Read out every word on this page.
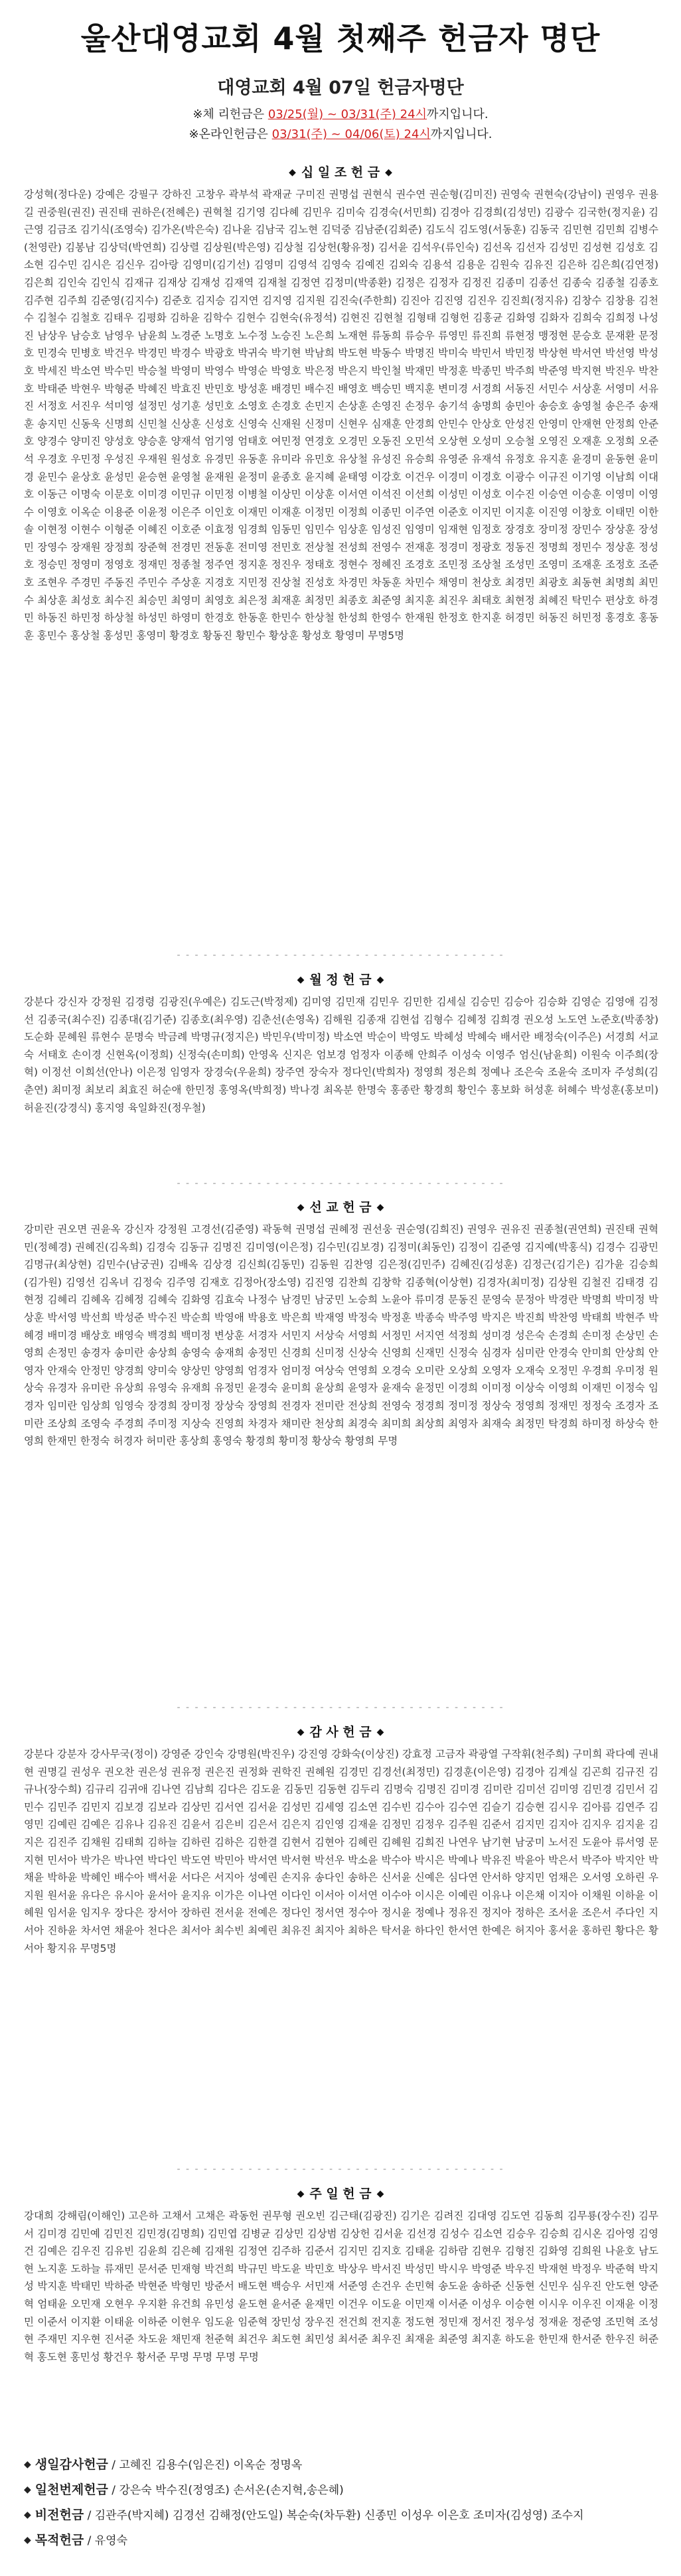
울산대영교회 4월 첫째주 헌금자 명단
대영교회 4월 07일 헌금자명단
※체 리헌금은 03/25(월) ~ 03/31(주) 24시까지입니다.
※온라인헌금은 03/31(주) ~ 04/06(토) 24시까지입니다.
◆ 십 일 조 헌 금 ◆
강성혁(정다운) 강예은 강필구 강하진 고창우 곽부석 곽재균 구미진 권명섭 권현식 권수연 권순형(김미진) 권영숙 권현숙(강남이) 권영우 권용길 권중원(권진) 권진태 권하은(전혜은) 권혁철 김기영 김다혜 김민우 김미숙 김경숙(서민희) 김경아 김경희(김성민) 김광수 김국한(정지윤) 김근영 김금조 김기식(조영숙) 김가온(박은숙) 김나윤 김남국 김노현 김덕중 김남준(김회준) 김도식 김도영(서동훈) 김동국 김민현 김민희 김병수(천영란) 김봉남 김상덕(박연희) 김상렬 김상원(박은영) 김상철 김상헌(황유정) 김서윤 김석우(류인숙) 김선옥 김선자 김성민 김성현 김성호 김소현 김수민 김시은 김신우 김아랑 김영미(김기선) 김영미 김영석 김영숙 김예진 김외숙 김용석 김용운 김원숙 김유진 김은하 김은희(김연정) 김은희 김인숙 김인식 김재규 김재상 김재성 김재역 김재철 김정연 김정미(박종환) 김정은 김정자 김정진 김종미 김종선 김종숙 김종철 김종호 김주현 김주희 김준영(김지수) 김준호 김지승 김지연 김지영 김지원 김진숙(주한희) 김진아 김진영 김진우 김진희(정지유) 김창수 김창용 김천수 김철수 김철호 김태우 김평화 김하윤 김학수 김현수 김현숙(유정석) 김현진 김현철 김형태 김형헌 김홍균 김화영 김화자 김희숙 김희정 나성진 남상우 남승호 남영우 남윤희 노경준 노명호 노수정 노승진 노은희 노재현 류동희 류승우 류영민 류진희 류현정 맹정현 문승호 문재환 문정호 민경숙 민병호 박건우 박경민 박경수 박광호 박귀숙 박기현 박남희 박도현 박동수 박명진 박미숙 박민서 박민정 박상현 박서연 박선영 박성호 박세진 박소연 박수민 박승철 박영미 박영수 박영순 박영호 박은정 박은지 박인철 박재민 박정훈 박종민 박주희 박준영 박지현 박진우 박찬호 박태준 박현우 박형준 박혜진 박효진 반민호 방성훈 배경민 배수진 배영호 백승민 백지훈 변미경 서경희 서동진 서민수 서상훈 서영미 서유진 서정호 서진우 석미영 설정민 성기훈 성민호 소영호 손경호 손민지 손상훈 손영진 손정우 송기석 송명희 송민아 송승호 송영철 송은주 송재훈 송지민 신동욱 신명희 신민철 신상훈 신성호 신영숙 신재원 신정미 신현우 심재훈 안경희 안민수 안상호 안성진 안영미 안재현 안정희 안준호 양경수 양미진 양성호 양승훈 양재석 엄기영 엄태호 여민정 연경호 오경민 오동진 오민석 오상현 오성미 오승철 오영진 오재훈 오정희 오준석 우경호 우민정 우성진 우재원 원성호 유경민 유동훈 유미라 유민호 유상철 유성진 유승희 유영준 유재석 유정호 유지훈 윤경미 윤동현 윤미경 윤민수 윤상호 윤성민 윤승현 윤영철 윤재원 윤정미 윤종호 윤지혜 윤태영 이강호 이건우 이경미 이경호 이광수 이규진 이기영 이남희 이대호 이동근 이명숙 이문호 이미경 이민규 이민정 이병철 이상민 이상훈 이서연 이석진 이선희 이성민 이성호 이수진 이승연 이승훈 이영미 이영수 이영호 이옥순 이용준 이윤정 이은주 이인호 이재민 이재훈 이정민 이정희 이종민 이주연 이준호 이지민 이지훈 이진영 이창호 이태민 이한솔 이현정 이현수 이형준 이혜진 이호준 이효정 임경희 임동민 임민수 임상훈 임성진 임영미 임재현 임정호 장경호 장미정 장민수 장상훈 장성민 장영수 장재원 장정희 장준혁 전경민 전동훈 전미영 전민호 전상철 전성희 전영수 전재훈 정경미 정광호 정동진 정명희 정민수 정상훈 정성호 정승민 정영미 정영호 정재민 정종철 정주연 정지훈 정진우 정태호 정현수 정혜진 조경호 조민정 조상철 조성민 조영미 조재훈 조정호 조준호 조현우 주경민 주동진 주민수 주상훈 지경호 지민정 진상철 진성호 차경민 차동훈 차민수 채영미 천상호 최경민 최광호 최동현 최명희 최민수 최상훈 최성호 최수진 최승민 최영미 최영호 최은정 최재훈 최정민 최종호 최준영 최지훈 최진우 최태호 최현정 최혜진 탁민수 편상호 하경민 하동진 하민정 하상철 하성민 하영미 한경호 한동훈 한민수 한상철 한성희 한영수 한재원 한정호 한지훈 허경민 허동진 허민정 홍경호 홍동훈 홍민수 홍상철 홍성민 홍영미 황경호 황동진 황민수 황상훈 황성호 황영미 무명5명
- - - - - - - - - - - - - - - - - - - - - - - - - - - - - - - - - - - - -
◆ 월 정 헌 금 ◆
강분다 강신자 강정원 김경령 김광진(우예은) 김도근(박정제) 김미영 김민재 김민우 김민한 김세실 김승민 김승아 김승화 김영순 김영애 김정선 김종국(최수진) 김종대(김기준) 김종호(최우영) 김춘선(손영옥) 김해원 김종재 김현섭 김형수 김혜정 김희경 권오성 노도연 노준호(박종창) 도순화 문혜원 류현수 문명숙 박금례 박명규(정지은) 박민우(박미정) 박소연 박순이 박영도 박헤성 박혜숙 배서란 배정숙(이주은) 서경희 서교숙 서태호 손이경 신현옥(이정희) 신정숙(손미희) 안영옥 신지은 엄보경 엄정자 이종해 안희주 이성숙 이영주 엄신(남윤희) 이원숙 이주희(장혁) 이정선 이희선(안나) 이은정 임영자 장경숙(우윤희) 장주연 장숙자 정다인(박희자) 정영희 정은희 정예나 조은숙 조윤숙 조미자 주성희(김춘연) 최미정 최보리 최효진 허순애 한민정 홍영옥(박희정) 박나경 최옥분 한명숙 홍종란 황경희 황인수 홍보화 허성훈 허혜수 박성훈(홍보미) 허윤진(강경식) 홍지영 육일화진(정우철)
- - - - - - - - - - - - - - - - - - - - - - - - - - - - - - - - - - - - -
◆ 선 교 헌 금 ◆
강미란 권오면 권윤옥 강신자 강정원 고경선(김준영) 곽동혁 권명섭 권혜정 권선웅 권순영(김희진) 권영우 권유진 권종철(권연희) 권진태 권혁민(정혜경) 권혜진(김옥희) 김경숙 김동규 김명진 김미영(이은정) 김수민(김보경) 김정미(최동인) 김정이 김준영 김지예(박홍식) 김경수 김광민 김명규(최상현) 김민수(남궁권) 김배옥 김상경 김신희(김동민) 김동원 김찬영 김은정(김민주) 김혜진(김성훈) 김정근(김기은) 김가윤 김승희(김가원) 김영선 김옥녀 김정숙 김주영 김재호 김정아(장소영) 김진영 김찬희 김창학 김종혁(이상현) 김경자(최미정) 김상원 김철진 김태경 김현정 김혜리 김혜옥 김혜정 김혜숙 김화영 김효숙 나정수 남경민 남궁민 노승희 노윤아 류미경 문동진 문영숙 문정아 박경란 박명희 박미정 박상훈 박서영 박선희 박성준 박수진 박순희 박영애 박용호 박은희 박재영 박정숙 박정훈 박종숙 박주영 박지은 박진희 박찬영 박태희 박현주 박혜경 배미경 배상호 배영숙 백경희 백미정 변상훈 서경자 서민지 서상숙 서영희 서정민 서지연 석정희 성미경 성은숙 손경희 손미정 손상민 손영희 손정민 송경자 송미란 송상희 송영숙 송재희 송정민 신경희 신미정 신상숙 신영희 신재민 신정숙 심경자 심미란 안경숙 안미희 안상희 안영자 안재숙 안정민 양경희 양미숙 양상민 양영희 엄경자 엄미정 여상숙 연영희 오경숙 오미란 오상희 오영자 오재숙 오정민 우경희 우미정 원상숙 유경자 유미란 유상희 유영숙 유재희 유정민 윤경숙 윤미희 윤상희 윤영자 윤재숙 윤정민 이경희 이미정 이상숙 이영희 이재민 이정숙 임경자 임미란 임상희 임영숙 장경희 장미정 장상숙 장영희 전경자 전미란 전상희 전영숙 정경희 정미정 정상숙 정영희 정재민 정정숙 조경자 조미란 조상희 조영숙 주경희 주미정 지상숙 진영희 차경자 채미란 천상희 최경숙 최미희 최상희 최영자 최재숙 최정민 탁경희 하미정 하상숙 한영희 한재민 한정숙 허경자 허미란 홍상희 홍영숙 황경희 황미정 황상숙 황영희 무명
- - - - - - - - - - - - - - - - - - - - - - - - - - - - - - - - - - - - -
◆ 감 사 헌 금 ◆
강분다 강분자 강사무국(정이) 강영준 강인숙 강명원(박진우) 강진영 강화숙(이상진) 강효정 고금자 곽광열 구작휘(천주희) 구미희 곽다예 권내현 권명길 권성우 권오찬 권은성 권유정 권은진 권정화 권학진 권혜원 김경민 김경선(최정민) 김경훈(이은영) 김경아 김계실 김곤희 김규진 김규나(장수희) 김규리 김귀애 김나연 김남희 김다은 김도윤 김동민 김동현 김두리 김명숙 김명진 김미경 김미란 김미선 김미영 김민경 김민서 김민수 김민주 김민지 김보경 김보라 김상민 김서연 김서윤 김성민 김세영 김소연 김수빈 김수아 김수연 김슬기 김승현 김시우 김아름 김연주 김영민 김예린 김예은 김유나 김유진 김윤서 김은비 김은서 김은지 김인영 김재윤 김정민 김정우 김주원 김준서 김지민 김지아 김지우 김지윤 김지은 김진주 김채원 김태희 김하늘 김하린 김하은 김한결 김현서 김현아 김혜린 김혜원 김희진 나연우 남기현 남궁미 노서진 도윤아 류서영 문지현 민서아 박가은 박나연 박다인 박도연 박민아 박서연 박서현 박선우 박소윤 박수아 박시은 박예나 박유진 박윤아 박은서 박주아 박지안 박채윤 박하윤 박혜인 배수아 백서윤 서다은 서지아 성예린 손지유 송다인 송하은 신서윤 신예은 심다연 안서하 양지민 엄채은 오서영 오하린 우지원 원서윤 유다은 유시아 윤서아 윤지유 이가은 이나연 이다인 이서아 이서연 이수아 이시은 이예린 이유나 이은채 이지아 이채원 이하윤 이혜원 임서윤 임지우 장다은 장서아 장하린 전서윤 전예은 정다인 정서연 정수아 정시윤 정예나 정유진 정지아 정하은 조서윤 조은서 주다인 지서아 진하윤 차서연 채윤아 천다은 최서아 최수빈 최예린 최유진 최지아 최하은 탁서윤 하다인 한서연 한예은 허지아 홍서윤 홍하린 황다은 황서아 황지유 무명5명
- - - - - - - - - - - - - - - - - - - - - - - - - - - - - - - - - - - - -
◆ 주 일 헌 금 ◆
강대희 강해림(이해인) 고은하 고채서 고채은 곽동헌 권무형 권오빈 김근태(김광진) 김기은 김려진 김대영 김도연 김동희 김무룡(장수진) 김무서 김미경 김민예 김민진 김민경(김명희) 김민엽 김병균 김상민 김상범 김상헌 김서윤 김선경 김성수 김소연 김승우 김승희 김시온 김아영 김영건 김예은 김우진 김유빈 김윤희 김은혜 김재원 김정연 김주하 김준서 김지민 김지호 김태윤 김하람 김현우 김형진 김화영 김희원 나윤호 남도현 노지훈 도하늘 류재민 문서준 민재형 박건희 박규민 박도윤 박민호 박상우 박서진 박성민 박시우 박영준 박우진 박재현 박정우 박준혁 박지성 박지훈 박태민 박하준 박현준 박형민 방준서 배도현 백승우 서민재 서준영 손건우 손민혁 송도윤 송하준 신동현 신민우 심우진 안도현 양준혁 엄태윤 오민재 오현우 우지환 유건희 유민성 윤도현 윤서준 윤재민 이건우 이도윤 이민재 이서준 이성우 이승현 이시우 이우진 이재윤 이정민 이준서 이지환 이태윤 이하준 이현우 임도윤 임준혁 장민성 장우진 전건희 전지훈 정도현 정민재 정서진 정우성 정재윤 정준영 조민혁 조성현 주재민 지우현 진서준 차도윤 채민재 천준혁 최건우 최도현 최민성 최서준 최우진 최재윤 최준영 최지훈 하도윤 한민재 한서준 한우진 허준혁 홍도현 홍민성 황건우 황서준 무명 무명 무명 무명
◆ 생일감사헌금 / 고혜진 김용수(임은진) 이옥순 정명옥
◆ 일천번제헌금 / 강은숙 박수진(정영조) 손서온(손지혁,송은혜)
◆ 비전헌금 / 김관주(박지혜) 김경선 김해정(안도일) 복순숙(차두환) 신종민 이성우 이은호 조미자(김성영) 조수지
◆ 목적헌금 / 유영숙
